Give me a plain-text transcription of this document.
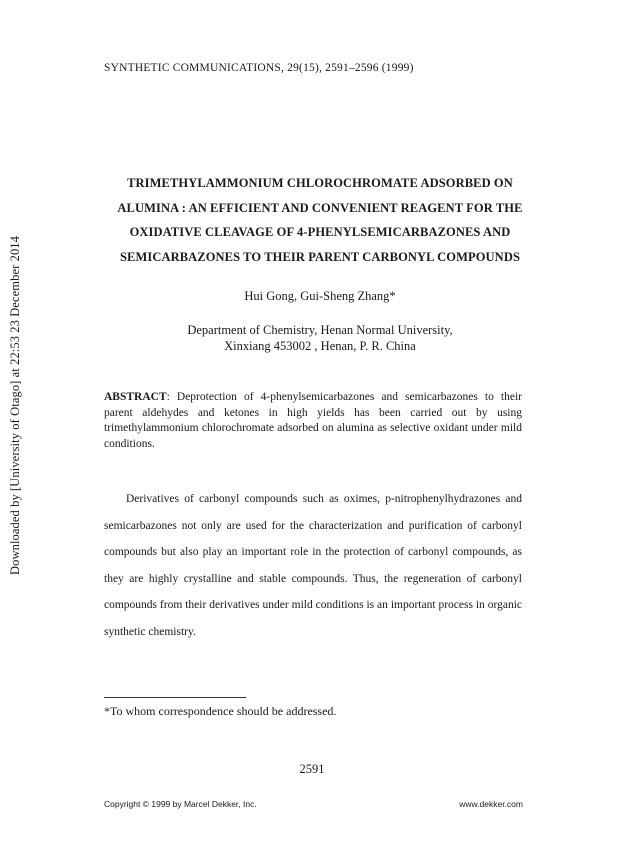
Downloaded by [University of Otago] at 22:53 23 December 2014
SYNTHETIC COMMUNICATIONS, 29(15), 2591–2596 (1999)
TRIMETHYLAMMONIUM CHLOROCHROMATE ADSORBED ON
ALUMINA : AN EFFICIENT AND CONVENIENT REAGENT FOR THE
OXIDATIVE CLEAVAGE OF 4-PHENYLSEMICARBAZONES AND
SEMICARBAZONES TO THEIR PARENT CARBONYL COMPOUNDS
Hui Gong, Gui-Sheng Zhang*
Department of Chemistry, Henan Normal University,
Xinxiang 453002 , Henan, P. R. China
ABSTRACT: Deprotection of 4-phenylsemicarbazones and semicarbazones to their parent aldehydes and ketones in high yields has been carried out by using trimethylammonium chlorochromate adsorbed on alumina as selective oxidant under mild conditions.

Derivatives of carbonyl compounds such as oximes, p-nitrophenylhydrazones and semicarbazones not only are used for the characterization and purification of carbonyl compounds but also play an important role in the protection of carbonyl compounds, as they are highly crystalline and stable compounds. Thus, the regeneration of carbonyl compounds from their derivatives under mild conditions is an important process in organic synthetic chemistry.

*To whom correspondence should be addressed.
2591
Copyright © 1999 by Marcel Dekker, Inc.	www.dekker.com
